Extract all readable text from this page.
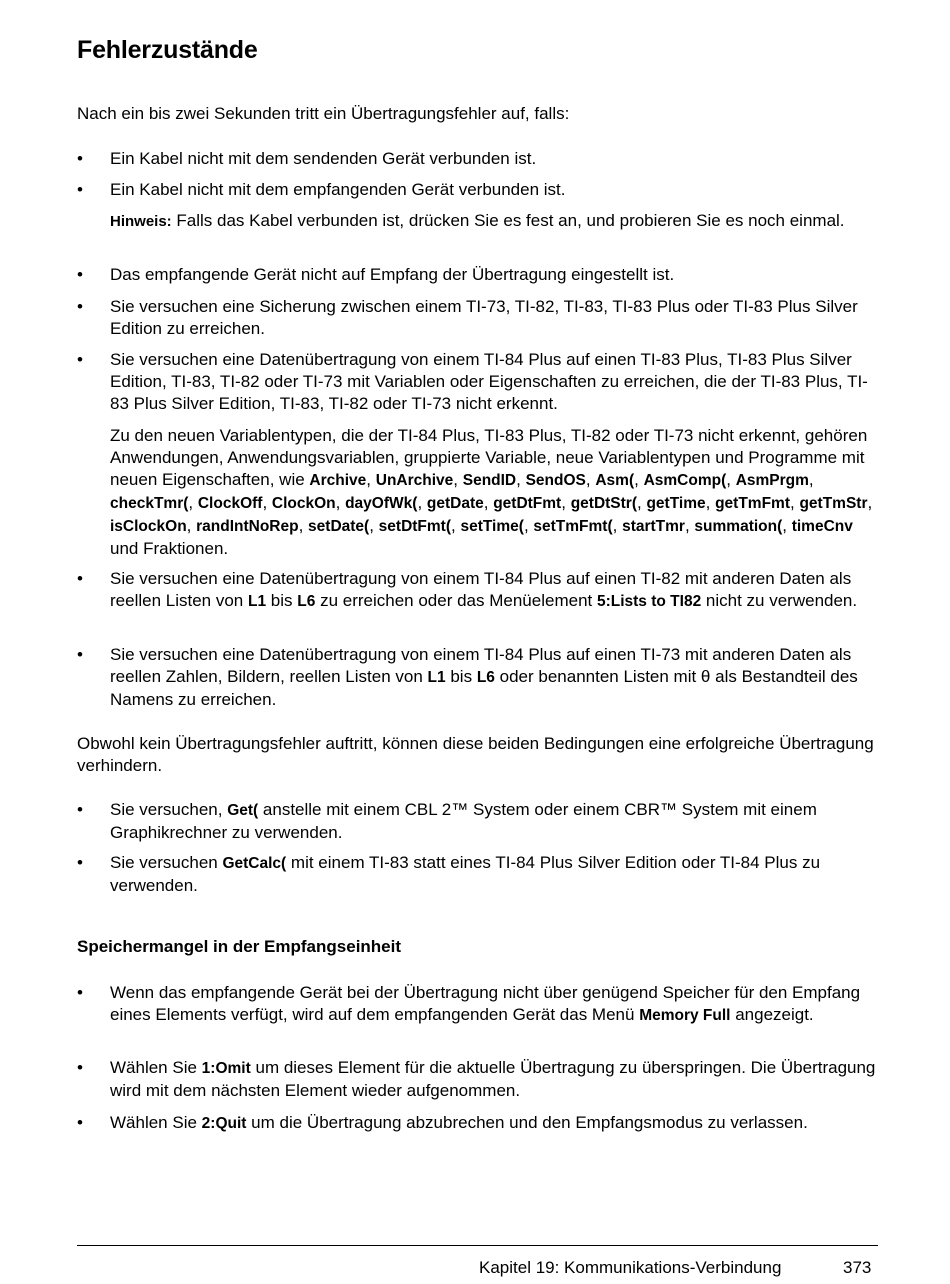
Fehlerzustände

Nach ein bis zwei Sekunden tritt ein Übertragungsfehler auf, falls:

•	Ein Kabel nicht mit dem sendenden Gerät verbunden ist.
•	Ein Kabel nicht mit dem empfangenden Gerät verbunden ist.

Hinweis: Falls das Kabel verbunden ist, drücken Sie es fest an, und probieren Sie es noch einmal.

•	Das empfangende Gerät nicht auf Empfang der Übertragung eingestellt ist.
•	Sie versuchen eine Sicherung zwischen einem TI-73, TI-82, TI-83, TI-83 Plus oder TI-83 Plus Silver Edition zu erreichen.
•	Sie versuchen eine Datenübertragung von einem TI-84 Plus auf einen TI-83 Plus, TI-83 Plus Silver Edition, TI-83, TI-82 oder TI-73 mit Variablen oder Eigenschaften zu erreichen, die der TI-83 Plus, TI-83 Plus Silver Edition, TI-83, TI-82 oder TI-73 nicht erkennt.

Zu den neuen Variablentypen, die der TI-84 Plus, TI-83 Plus, TI-82 oder TI-73 nicht erkennt, gehören Anwendungen, Anwendungsvariablen, gruppierte Variable, neue Variablentypen und Programme mit neuen Eigenschaften, wie Archive, UnArchive, SendID, SendOS, Asm(, AsmComp(, AsmPrgm, checkTmr(, ClockOff, ClockOn, dayOfWk(, getDate, getDtFmt, getDtStr(, getTime, getTmFmt, getTmStr, isClockOn, randIntNoRep, setDate(, setDtFmt(, setTime(, setTmFmt(, startTmr, summation(, timeCnv und Fraktionen.

•	Sie versuchen eine Datenübertragung von einem TI-84 Plus auf einen TI-82 mit anderen Daten als reellen Listen von L1 bis L6 zu erreichen oder das Menüelement 5:Lists to TI82 nicht zu verwenden.
•	Sie versuchen eine Datenübertragung von einem TI-84 Plus auf einen TI-73 mit anderen Daten als reellen Zahlen, Bildern, reellen Listen von L1 bis L6 oder benannten Listen mit θ als Bestandteil des Namens zu erreichen.

Obwohl kein Übertragungsfehler auftritt, können diese beiden Bedingungen eine erfolgreiche Übertragung verhindern.

•	Sie versuchen, Get( anstelle mit einem CBL 2™ System oder einem CBR™ System mit einem Graphikrechner zu verwenden.
•	Sie versuchen GetCalc( mit einem TI-83 statt eines TI-84 Plus Silver Edition oder TI-84 Plus zu verwenden.
Speichermangel in der Empfangseinheit
•	Wenn das empfangende Gerät bei der Übertragung nicht über genügend Speicher für den Empfang eines Elements verfügt, wird auf dem empfangenden Gerät das Menü Memory Full angezeigt.
•	Wählen Sie 1:Omit um dieses Element für die aktuelle Übertragung zu überspringen. Die Übertragung wird mit dem nächsten Element wieder aufgenommen.
•	Wählen Sie 2:Quit um die Übertragung abzubrechen und den Empfangsmodus zu verlassen.
Kapitel 19: Kommunikations-Verbindung	373
